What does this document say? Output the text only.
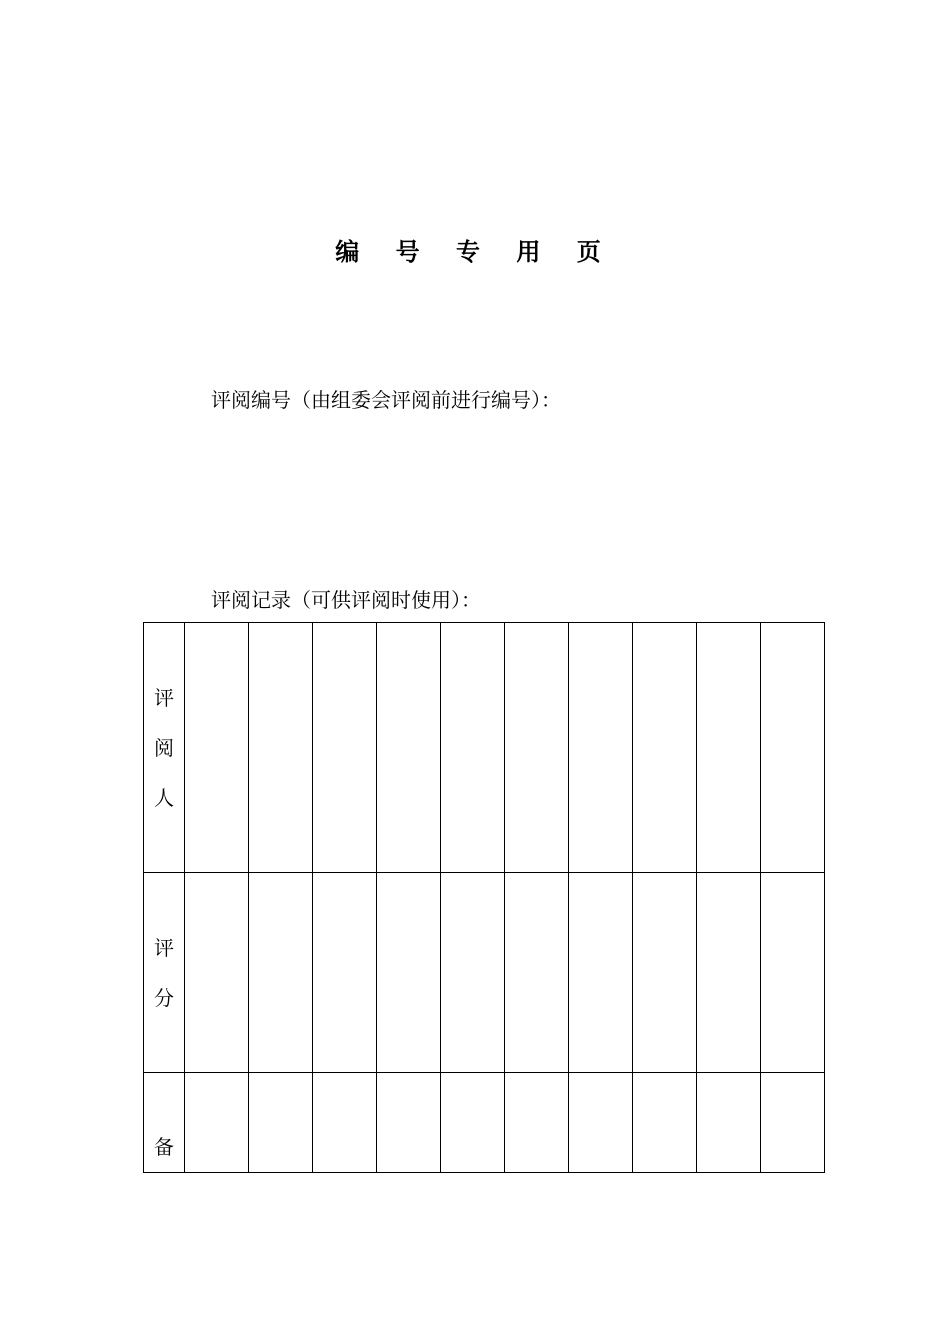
编 号 专 用 页
评阅编号（由组委会评阅前进行编号）：
评阅记录（可供评阅时使用）：
评
阅
人										

评
分										

备										
